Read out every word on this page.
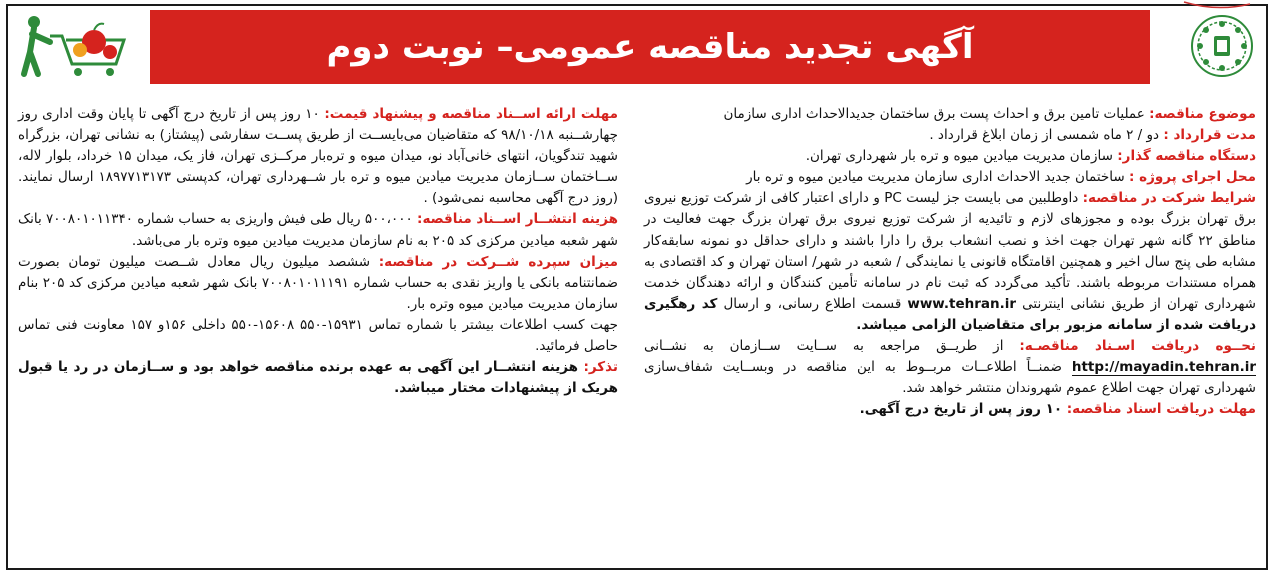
آگهی تجدید مناقصه عمومی– نوبت دوم

موضوع مناقصه: عملیات تامین برق و احداث پست برق ساختمان جدیدالاحداث اداری سازمان

مدت قرارداد : دو / ۲ ماه شمسی از زمان ابلاغ قرارداد .

دستگاه مناقصه گذار: سازمان مدیریت میادین میوه و تره بار شهرداری تهران.

محل اجرای پروژه : ساختمان جدید الاحداث اداری سازمان مدیریت میادین میوه و تره بار

شرایط شرکت در مناقصه: داوطلبین می بایست جز لیست PC و دارای اعتبار کافی از شرکت توزیع نیروی برق تهران بزرگ بوده و مجوزهای لازم و تائیدیه از شرکت توزیع نیروی برق تهران بزرگ جهت فعالیت در مناطق ۲۲ گانه شهر تهران جهت اخذ و نصب انشعاب برق را دارا باشند و دارای حداقل دو نمونه سابقه‌کار مشابه طی پنج سال اخیر و همچنین اقامتگاه قانونی یا نمایندگی / شعبه در شهر/ استان تهران و کد اقتصادی به همراه مستندات مربوطه باشند. تأکید می‌گردد که ثبت نام در سامانه تأمین کنندگان و ارائه دهندگان خدمت شهرداری تهران از طریق نشانی اینترنتی www.tehran.ir قسمت اطلاع رسانی، و ارسال کد رهگیری دریافت شده از سامانه مزبور برای متقاضیان الزامی میباشد.

نحــوه دریافت اسـناد مناقصـه: از طریــق مراجعه به ســایت ســازمان به نشــانی http://mayadin.tehran.ir ضمنــاً اطلاعــات مربــوط به این مناقصه در وبســایت شفاف‌سازی شهرداری تهران جهت اطلاع عموم شهروندان منتشر خواهد شد.

مهلت دریافت اسناد مناقصه: ۱۰ روز پس از تاریخ درج آگهی.

مهلت ارائه اســناد مناقصه و پیشنهاد قیمت: ۱۰ روز پس از تاریخ درج آگهی تا پایان وقت اداری روز چهارشــنبه ۹۸/۱۰/۱۸ که متقاضیان می‌بایســت از طریق پســت سفارشی (پیشتاز) به نشانی تهران، بزرگراه شهید تندگویان، انتهای خانی‌آباد نو، میدان میوه و تره‌بار مرکــزی تهران، فاز یک، میدان ۱۵ خرداد، بلوار لاله، ســاختمان ســازمان مدیریت میادین میوه و تره بار شــهرداری تهران، کدپستی ۱۸۹۷۷۱۳۱۷۳ ارسال نمایند. (روز درج آگهی محاسبه نمی‌شود) .

هزینه انتشــار اســناد مناقصه: ۵۰۰،۰۰۰ ریال طی فیش واریزی به حساب شماره ۷۰۰۸۰۱۰۱۱۳۴۰ بانک شهر شعبه میادین مرکزی کد ۲۰۵ به نام سازمان مدیریت میادین میوه وتره بار می‌باشد.

میزان سپرده شــرکت در مناقصه: ششصد میلیون ریال معادل شــصت میلیون تومان بصورت ضمانتنامه بانکی یا واریز نقدی به حساب شماره ۷۰۰۸۰۱۰۱۱۱۹۱ بانک شهر شعبه میادین مرکزی کد ۲۰۵ بنام سازمان مدیریت میادین میوه وتره بار.

جهت کسب اطلاعات بیشتر با شماره تماس ۱۵۹۳۱-۵۵۰ ۱۵۶۰۸-۵۵۰ داخلی ۱۵۶و ۱۵۷ معاونت فنی تماس حاصل فرمائید.

تذکر: هزینه انتشــار این آگهی به عهده برنده مناقصه خواهد بود و ســازمان در رد یا قبول هریک از پیشنهادات مختار میباشد.
